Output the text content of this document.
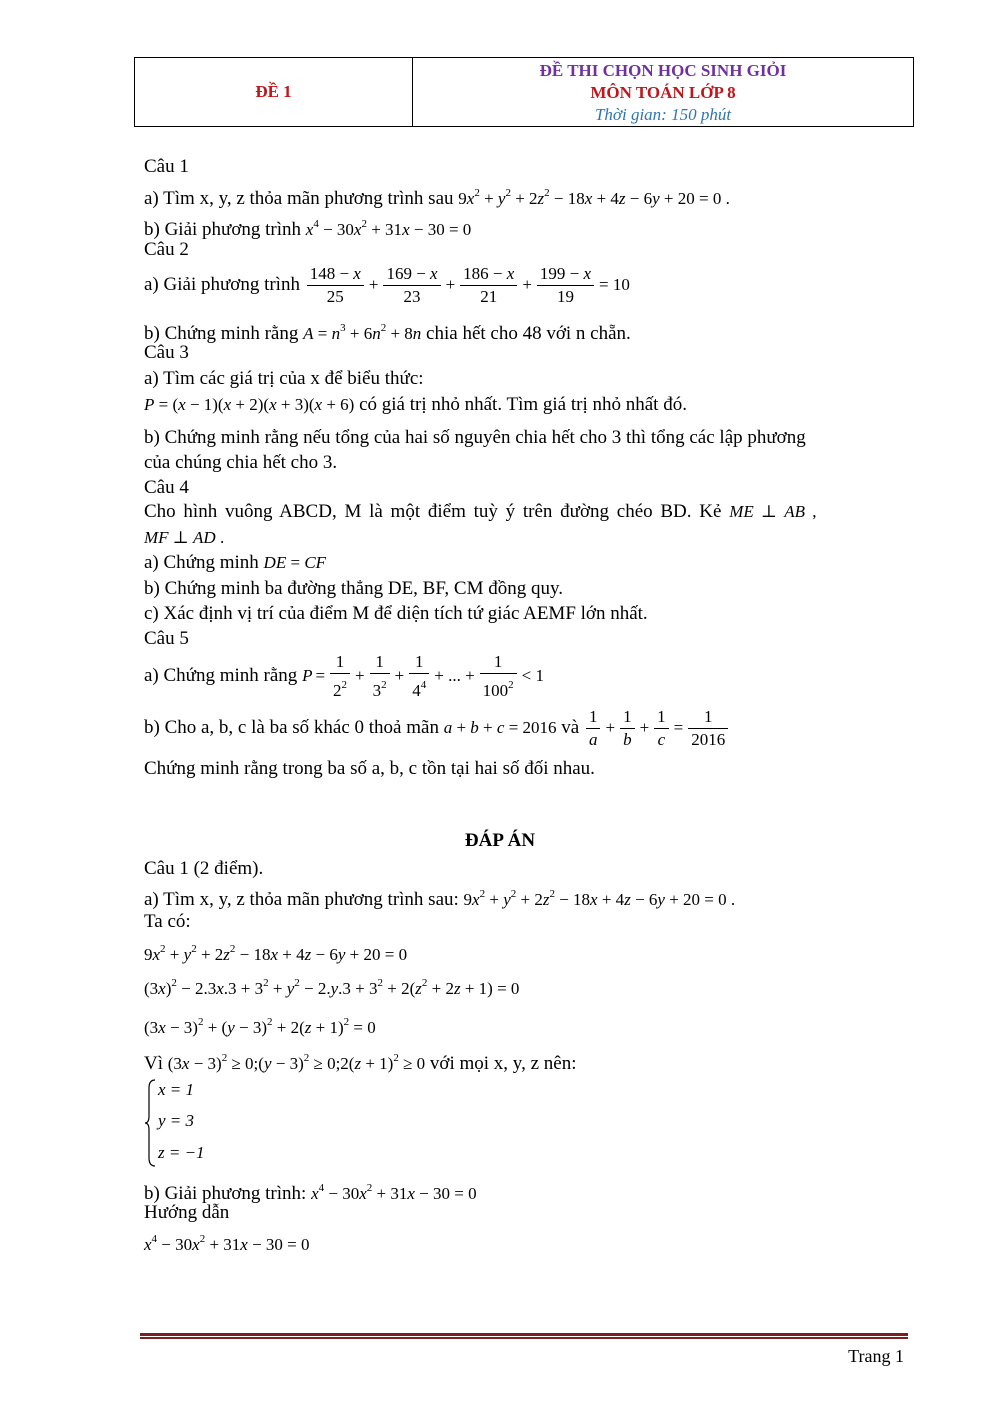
ĐỀ 1
ĐỀ THI CHỌN HỌC SINH GIỎI
MÔN TOÁN LỚP 8
Thời gian: 150 phút
Câu 1
a) Tìm x, y, z thỏa mãn phương trình sau $9x^2 + y^2 + 2z^2 - 18x + 4z - 6y + 20 = 0$ .
b) Giải phương trình $x^4 - 30x^2 + 31x - 30 = 0$
Câu 2
a) Giải phương trình $\frac{148 - x}{25} + \frac{169 - x}{23} + \frac{186 - x}{21} + \frac{199 - x}{19} = 10$
b) Chứng minh rằng $A = n^3 + 6n^2 + 8n$ chia hết cho 48 với n chẵn.
Câu 3
a) Tìm các giá trị của x để biểu thức:
P = (x − 1)(x + 2)(x + 3)(x + 6) có giá trị nhỏ nhất. Tìm giá trị nhỏ nhất đó.
b) Chứng minh rằng nếu tổng của hai số nguyên chia hết cho 3 thì tổng các lập phương
của chúng chia hết cho 3.
Câu 4
Cho hình vuông ABCD, M là một điểm tuỳ ý trên đường chéo BD. Kẻ ME ⊥ AB ,
MF ⊥ AD .
a) Chứng minh DE = CF
b) Chứng minh ba đường thẳng DE, BF, CM đồng quy.
c) Xác định vị trí của điểm M để diện tích tứ giác AEMF lớn nhất.
Câu 5
a) Chứng minh rằng $P = \frac{1}{2^2} + \frac{1}{3^2} + \frac{1}{4^4}$ + ... + $\frac{1}{100^2} < 1$
b) Cho a, b, c là ba số khác 0 thoả mãn a + b + c = 2016 và $\frac{1}{a} + \frac{1}{b} + \frac{1}{c} = \frac{1}{2016}$
Chứng minh rằng trong ba số a, b, c tồn tại hai số đối nhau.
ĐÁP ÁN
Câu 1 (2 điểm).
a) Tìm x, y, z thỏa mãn phương trình sau: $9x^2 + y^2 + 2z^2 - 18x + 4z - 6y + 20 = 0$ .
Ta có:
$9x^2 + y^2 + 2z^2 - 18x + 4z - 6y + 20 = 0$
$(3x)^2 - 2.3x.3 + 3^2 + y^2 - 2.y.3 + 3^2 + 2(z^2 + 2z + 1) = 0$
$(3x - 3)^2 + (y - 3)^2 + 2(z + 1)^2 = 0$
Vì $(3x - 3)^2$ ≥ 0;(y − 3)$^2$ ≥ 0;2(z + 1)$^2$ ≥ 0 với mọi x, y, z nên:
x = 1
y = 3
z = −1
b) Giải phương trình: $x^4 - 30x^2 + 31x - 30 = 0$
Hướng dẫn
$x^4 - 30x^2 + 31x - 30 = 0$
Trang 1
